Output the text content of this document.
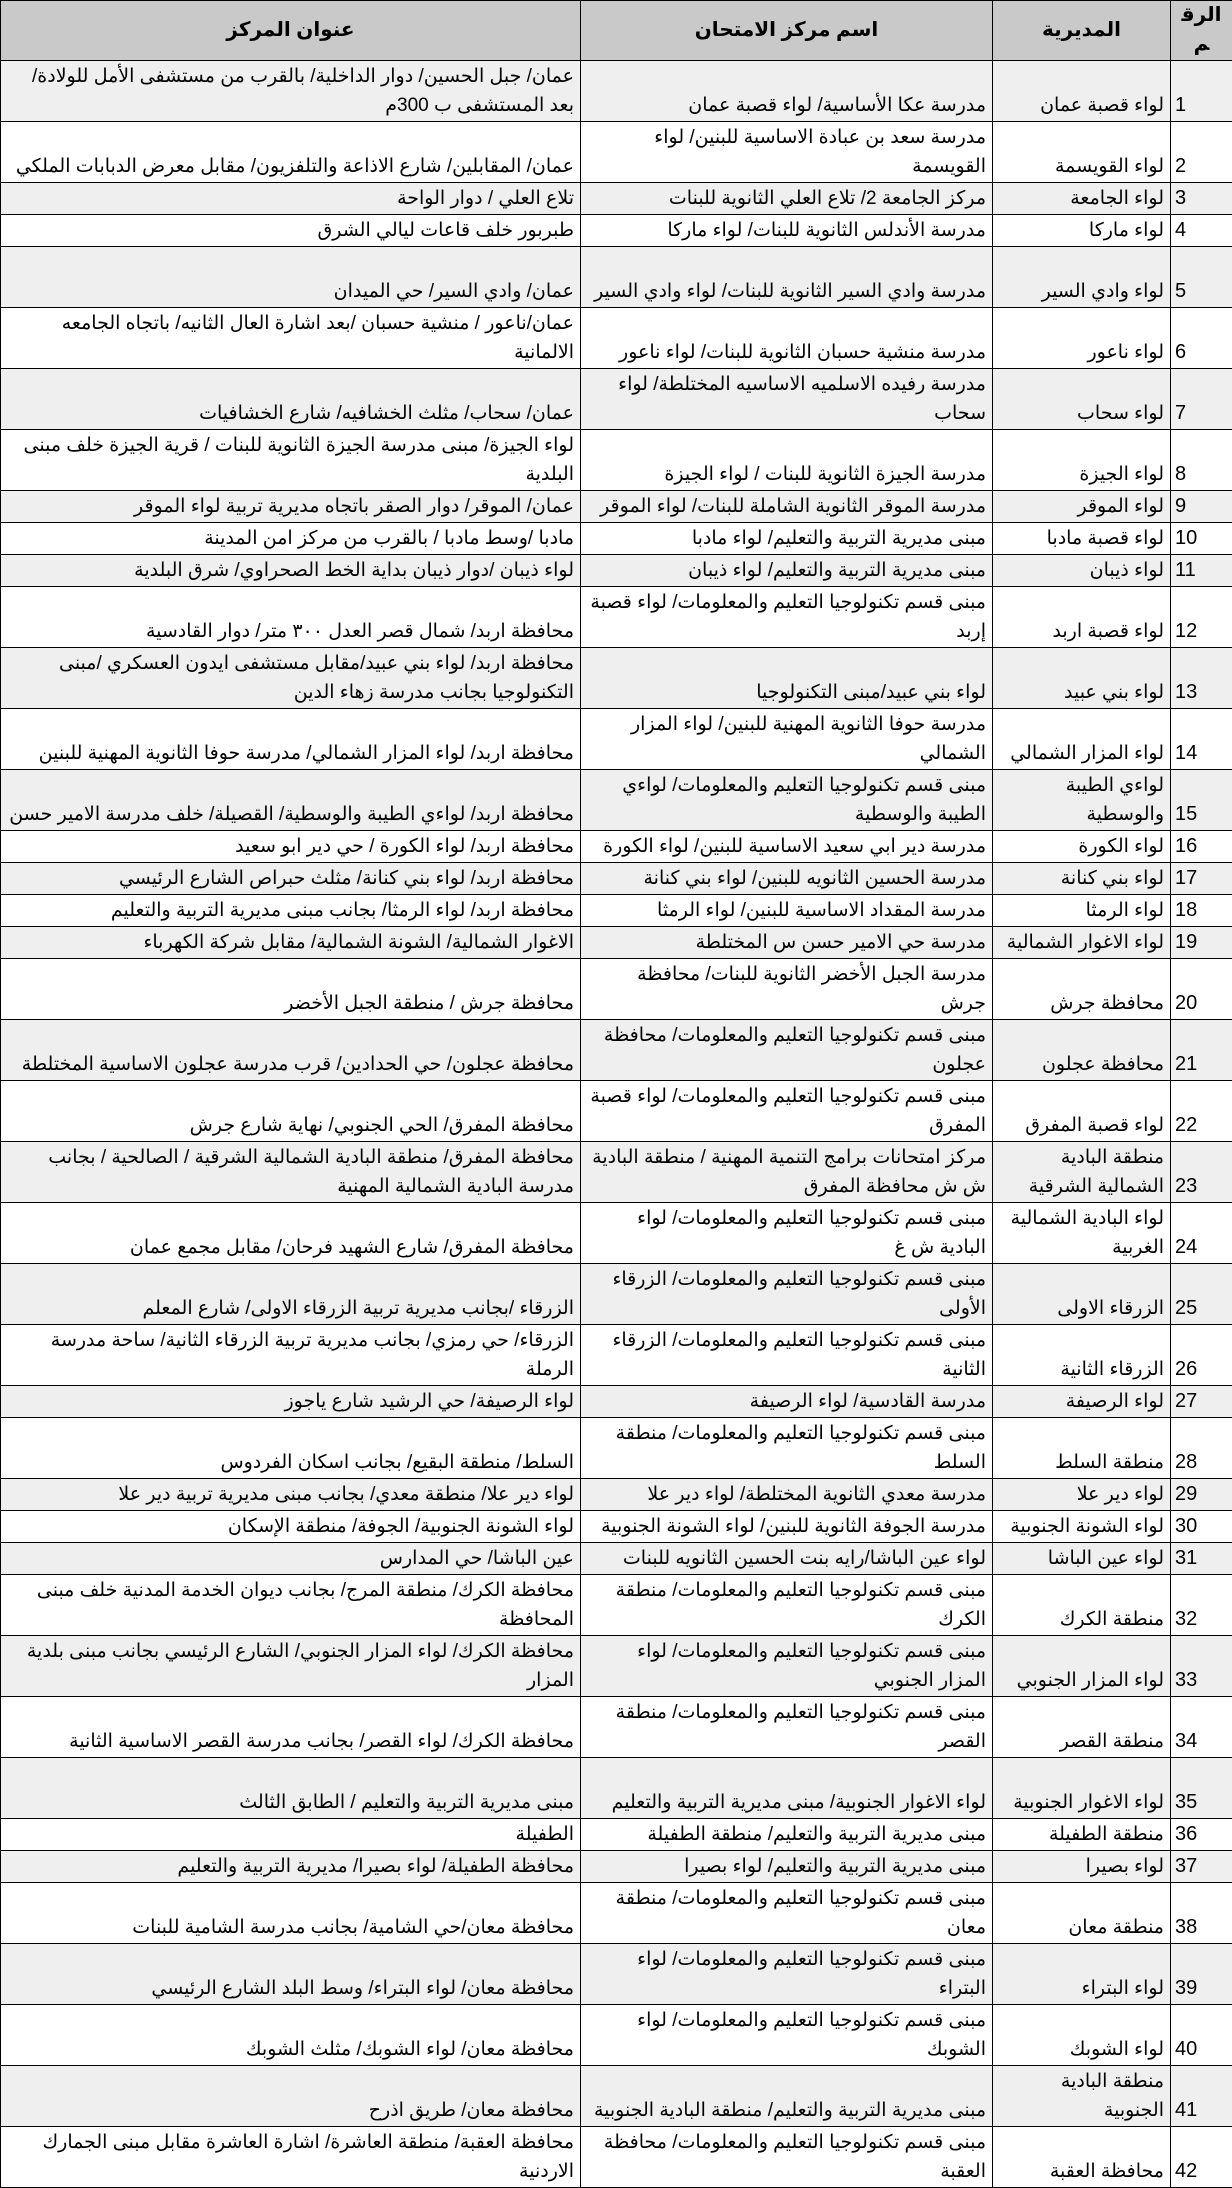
الرقم	المديرية	اسم مركز الامتحان	عنوان المركز
1	لواء قصبة عمان	مدرسة عكا الأساسية/ لواء قصبة عمان	عمان/ جبل الحسين/ دوار الداخلية/ بالقرب من مستشفى الأمل للولادة/ بعد المستشفى ب 300م
2	لواء القويسمة	مدرسة سعد بن عبادة الاساسية للبنين/ لواء القويسمة	عمان/ المقابلين/ شارع الاذاعة والتلفزيون/ مقابل معرض الدبابات الملكي
3	لواء الجامعة	مركز الجامعة 2/ تلاع العلي الثانوية للبنات	تلاع العلي / دوار الواحة
4	لواء ماركا	مدرسة الأندلس الثانوية للبنات/ لواء ماركا	طبربور خلف قاعات ليالي الشرق
5	لواء وادي السير	مدرسة وادي السير الثانوية للبنات/ لواء وادي السير	عمان/ وادي السير/ حي الميدان
6	لواء ناعور	مدرسة منشية حسبان الثانوية للبنات/ لواء ناعور	عمان/ناعور / منشية حسبان /بعد اشارة العال الثانيه/ باتجاه الجامعه الالمانية
7	لواء سحاب	مدرسة رفيده الاسلميه الاساسيه المختلطة/ لواء سحاب	عمان/ سحاب/ مثلث الخشافيه/ شارع الخشافيات
8	لواء الجيزة	مدرسة الجيزة الثانوية للبنات / لواء الجيزة	لواء الجيزة/ مبنى مدرسة الجيزة الثانوية للبنات / قرية الجيزة خلف مبنى البلدية
9	لواء الموقر	مدرسة الموقر الثانوية الشاملة للبنات/ لواء الموقر	عمان/ الموقر/ دوار الصقر باتجاه مديرية تربية لواء الموقر
10	لواء قصبة مادبا	مبنى مديرية التربية والتعليم/ لواء مادبا	مادبا /وسط مادبا / بالقرب من مركز امن المدينة
11	لواء ذيبان	مبنى مديرية التربية والتعليم/ لواء ذيبان	لواء ذيبان /دوار ذيبان بداية الخط الصحراوي/ شرق البلدية
12	لواء قصبة اربد	مبنى قسم تكنولوجيا التعليم والمعلومات/ لواء قصبة إربد	محافظة اربد/ شمال قصر العدل ٣٠٠ متر/ دوار القادسية
13	لواء بني عبيد	لواء بني عبيد/مبنى التكنولوجيا	محافظة اربد/ لواء بني عبيد/مقابل مستشفى ايدون العسكري /مبنى التكنولوجيا بجانب مدرسة زهاء الدين
14	لواء المزار الشمالي	مدرسة حوفا الثانوية المهنية للبنين/ لواء المزار الشمالي	محافظة اربد/ لواء المزار الشمالي/ مدرسة حوفا الثانوية المهنية للبنين
15	لواءي الطيبة والوسطية	مبنى قسم تكنولوجيا التعليم والمعلومات/ لواءي الطيبة والوسطية	محافظة اربد/ لواءي الطيبة والوسطية/ القصيلة/ خلف مدرسة الامير حسن
16	لواء الكورة	مدرسة دير ابي سعيد الاساسية للبنين/ لواء الكورة	محافظة اربد/ لواء الكورة / حي دير ابو سعيد
17	لواء بني كنانة	مدرسة الحسين الثانويه للبنين/ لواء بني كنانة	محافظة اربد/ لواء بني كنانة/ مثلث حبراص الشارع الرئيسي
18	لواء الرمثا	مدرسة المقداد الاساسية للبنين/ لواء الرمثا	محافظة اربد/ لواء الرمثا/ بجانب مبنى مديرية التربية والتعليم
19	لواء الاغوار الشمالية	مدرسة حي الامير حسن س المختلطة	الاغوار الشمالية/ الشونة الشمالية/ مقابل شركة الكهرباء
20	محافظة جرش	مدرسة الجبل الأخضر الثانوية للبنات/ محافظة جرش	محافظة جرش / منطقة الجبل الأخضر
21	محافظة عجلون	مبنى قسم تكنولوجيا التعليم والمعلومات/ محافظة عجلون	محافظة عجلون/ حي الحدادين/ قرب مدرسة عجلون الاساسية المختلطة
22	لواء قصبة المفرق	مبنى قسم تكنولوجيا التعليم والمعلومات/ لواء قصبة المفرق	محافظة المفرق/ الحي الجنوبي/ نهاية شارع جرش
23	منطقة البادية الشمالية الشرقية	مركز امتحانات برامج التنمية المهنية / منطقة البادية ش ش محافظة المفرق	محافظة المفرق/ منطقة البادية الشمالية الشرقية / الصالحية / بجانب مدرسة البادية الشمالية المهنية
24	لواء البادية الشمالية الغربية	مبنى قسم تكنولوجيا التعليم والمعلومات/ لواء البادية ش غ	محافظة المفرق/ شارع الشهيد فرحان/ مقابل مجمع عمان
25	الزرقاء الاولى	مبنى قسم تكنولوجيا التعليم والمعلومات/ الزرقاء الأولى	الزرقاء /بجانب مديرية تربية الزرقاء الاولى/ شارع المعلم
26	الزرقاء الثانية	مبنى قسم تكنولوجيا التعليم والمعلومات/ الزرقاء الثانية	الزرقاء/ حي رمزي/ بجانب مديرية تربية الزرقاء الثانية/ ساحة مدرسة الرملة
27	لواء الرصيفة	مدرسة القادسية/ لواء الرصيفة	لواء الرصيفة/ حي الرشيد شارع ياجوز
28	منطقة السلط	مبنى قسم تكنولوجيا التعليم والمعلومات/ منطقة السلط	السلط/ منطقة البقيع/ بجانب اسكان الفردوس
29	لواء دير علا	مدرسة معدي الثانوية المختلطة/ لواء دير علا	لواء دير علا/ منطقة معدي/ بجانب مبنى مديرية تربية دير علا
30	لواء الشونة الجنوبية	مدرسة الجوفة الثانوية للبنين/ لواء الشونة الجنوبية	لواء الشونة الجنوبية/ الجوفة/ منطقة الإسكان
31	لواء عين الباشا	لواء عين الباشا/رايه بنت الحسين الثانويه للبنات	عين الباشا/ حي المدارس
32	منطقة الكرك	مبنى قسم تكنولوجيا التعليم والمعلومات/ منطقة الكرك	محافظة الكرك/ منطقة المرج/ بجانب ديوان الخدمة المدنية خلف مبنى المحافظة
33	لواء المزار الجنوبي	مبنى قسم تكنولوجيا التعليم والمعلومات/ لواء المزار الجنوبي	محافظة الكرك/ لواء المزار الجنوبي/ الشارع الرئيسي بجانب مبنى بلدية المزار
34	منطقة القصر	مبنى قسم تكنولوجيا التعليم والمعلومات/ منطقة القصر	محافظة الكرك/ لواء القصر/ بجانب مدرسة القصر الاساسية الثانية
35	لواء الاغوار الجنوبية	لواء الاغوار الجنوبية/ مبنى مديرية التربية والتعليم	مبنى مديرية التربية والتعليم / الطابق الثالث
36	منطقة الطفيلة	مبنى مديرية التربية والتعليم/ منطقة الطفيلة	الطفيلة
37	لواء بصيرا	مبنى مديرية التربية والتعليم/ لواء بصيرا	محافظة الطفيلة/ لواء بصيرا/ مديرية التربية والتعليم
38	منطقة معان	مبنى قسم تكنولوجيا التعليم والمعلومات/ منطقة معان	محافظة معان/حي الشامية/ بجانب مدرسة الشامية للبنات
39	لواء البتراء	مبنى قسم تكنولوجيا التعليم والمعلومات/ لواء البتراء	محافظة معان/ لواء البتراء/ وسط البلد الشارع الرئيسي
40	لواء الشوبك	مبنى قسم تكنولوجيا التعليم والمعلومات/ لواء الشوبك	محافظة معان/ لواء الشوبك/ مثلث الشوبك
41	منطقة البادية الجنوبية	مبنى مديرية التربية والتعليم/ منطقة البادية الجنوبية	محافظة معان/ طريق اذرح
42	محافظة العقبة	مبنى قسم تكنولوجيا التعليم والمعلومات/ محافظة العقبة	محافظة العقبة/ منطقة العاشرة/ اشارة العاشرة مقابل مبنى الجمارك الاردنية
